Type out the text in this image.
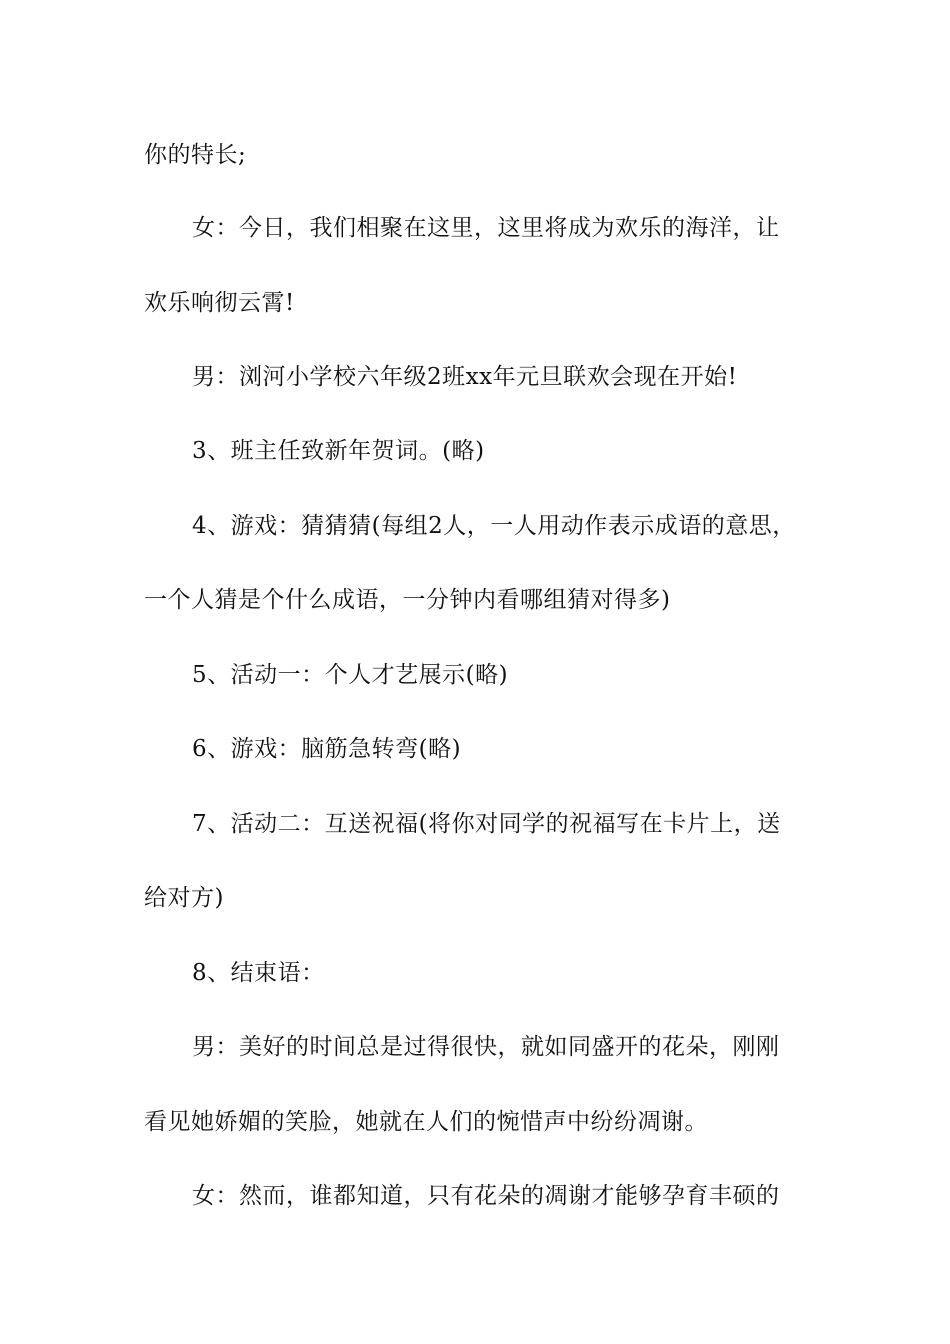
你的特长;
女：今日，我们相聚在这里，这里将成为欢乐的海洋，让
欢乐响彻云霄!
男：浏河小学校六年级2班xx年元旦联欢会现在开始!
3、班主任致新年贺词。(略)
4、游戏：猜猜猜(每组2人，一人用动作表示成语的意思，
一个人猜是个什么成语，一分钟内看哪组猜对得多)
5、活动一：个人才艺展示(略)
6、游戏：脑筋急转弯(略)
7、活动二：互送祝福(将你对同学的祝福写在卡片上，送
给对方)
8、结束语：
男：美好的时间总是过得很快，就如同盛开的花朵，刚刚
看见她娇媚的笑脸，她就在人们的惋惜声中纷纷凋谢。
女：然而，谁都知道，只有花朵的凋谢才能够孕育丰硕的
